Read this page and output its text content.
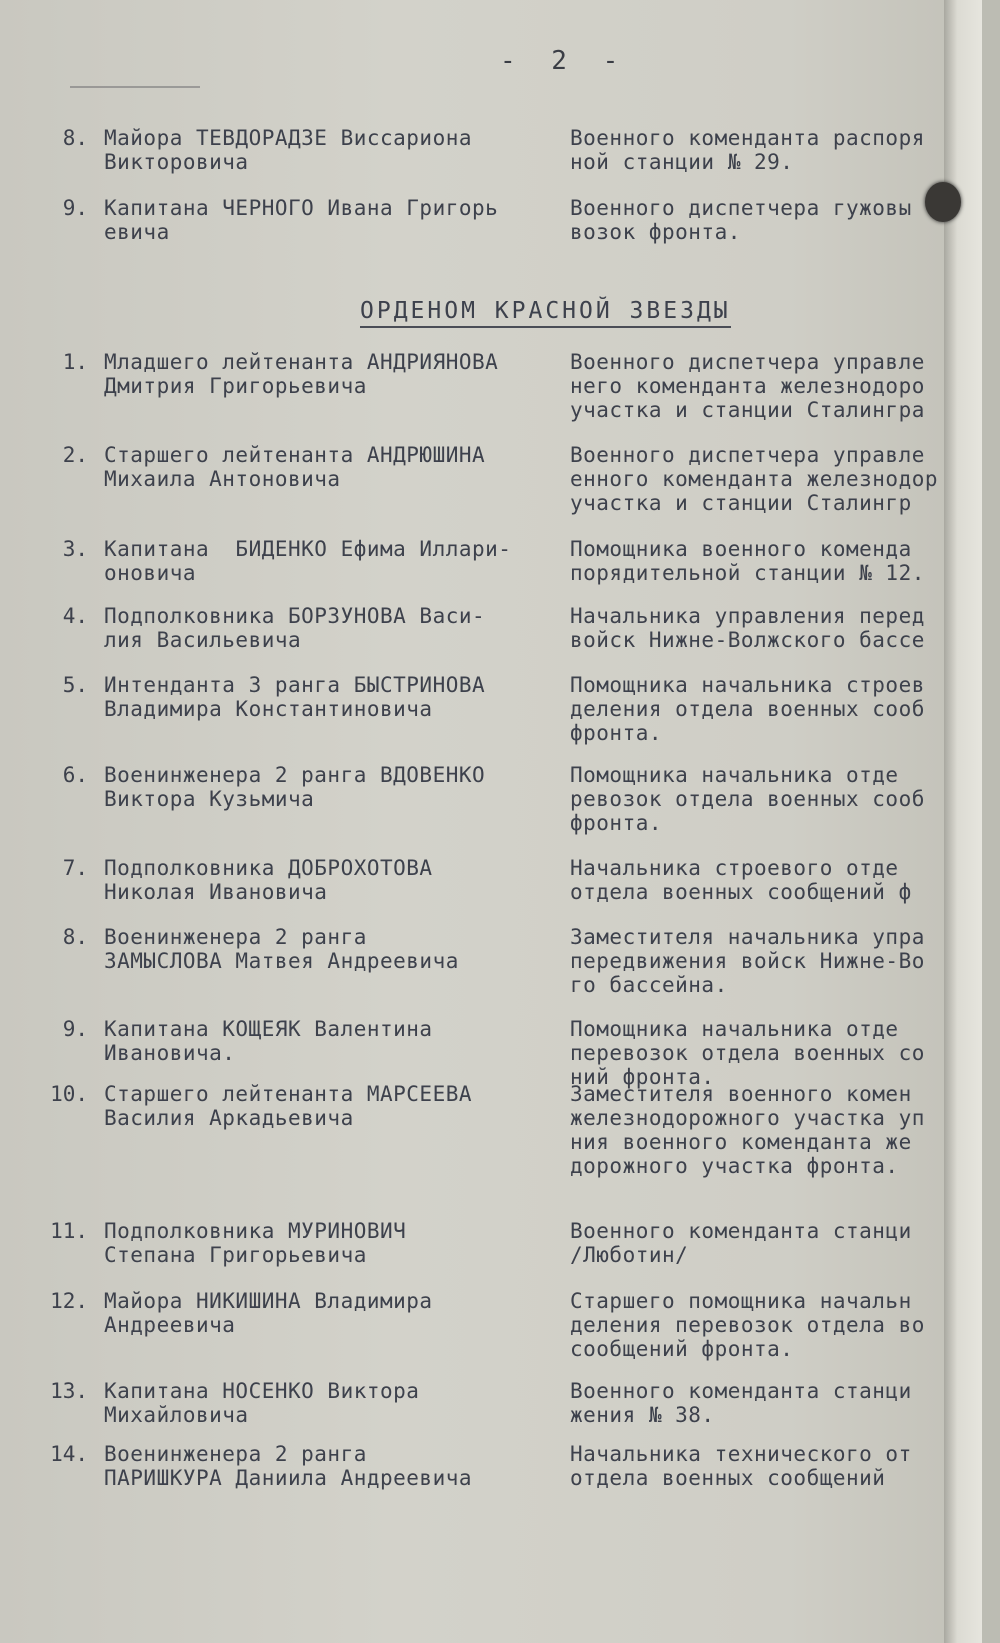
- 2 -
ОРДЕНОМ КРАСНОЙ ЗВЕЗДЫ
8. Майора ТЕВДОРАДЗЕ Виссариона
Викторовича
Военного коменданта распоря
ной станции № 29.
9. Капитана ЧЕРНОГО Ивана Григорь
евича
Военного диспетчера гужовы
возок фронта.
1. Младшего лейтенанта АНДРИЯНОВА
Дмитрия Григорьевича
Военного диспетчера управле
него коменданта железнодоро
участка и станции Сталингра
2. Старшего лейтенанта АНДРЮШИНА
Михаила Антоновича
Военного диспетчера управле
енного коменданта железнодор
участка и станции Сталингр
3. Капитана  БИДЕНКО Ефима Иллари-
оновича
Помощника военного коменда
порядительной станции № 12.
4. Подполковника БОРЗУНОВА Васи-
лия Васильевича
Начальника управления перед
войск Нижне-Волжского бассе
5. Интенданта 3 ранга БЫСТРИНОВА
Владимира Константиновича
Помощника начальника строев
деления отдела военных сооб
фронта.
6. Военинженера 2 ранга ВДОВЕНКО
Виктора Кузьмича
Помощника начальника отде
ревозок отдела военных сооб
фронта.
7. Подполковника ДОБРОХОТОВА
Николая Ивановича
Начальника строевого отде
отдела военных сообщений ф
8. Военинженера 2 ранга
ЗАМЫСЛОВА Матвея Андреевича
Заместителя начальника упра
передвижения войск Нижне-Во
го бассейна.
9. Капитана КОЩЕЯК Валентина
Ивановича.
Помощника начальника отде
перевозок отдела военных со
ний фронта.
10. Старшего лейтенанта МАРСЕЕВА
Василия Аркадьевича
Заместителя военного комен
железнодорожного участка уп
ния военного коменданта же
дорожного участка фронта.
11. Подполковника МУРИНОВИЧ
Степана Григорьевича
Военного коменданта станци
/Люботин/
12. Майора НИКИШИНА Владимира
Андреевича
Старшего помощника начальн
деления перевозок отдела во
сообщений фронта.
13. Капитана НОСЕНКО Виктора
Михайловича
Военного коменданта станци
жения № 38.
14. Военинженера 2 ранга
ПАРИШКУРА Даниила Андреевича
Начальника технического от
отдела военных сообщений
